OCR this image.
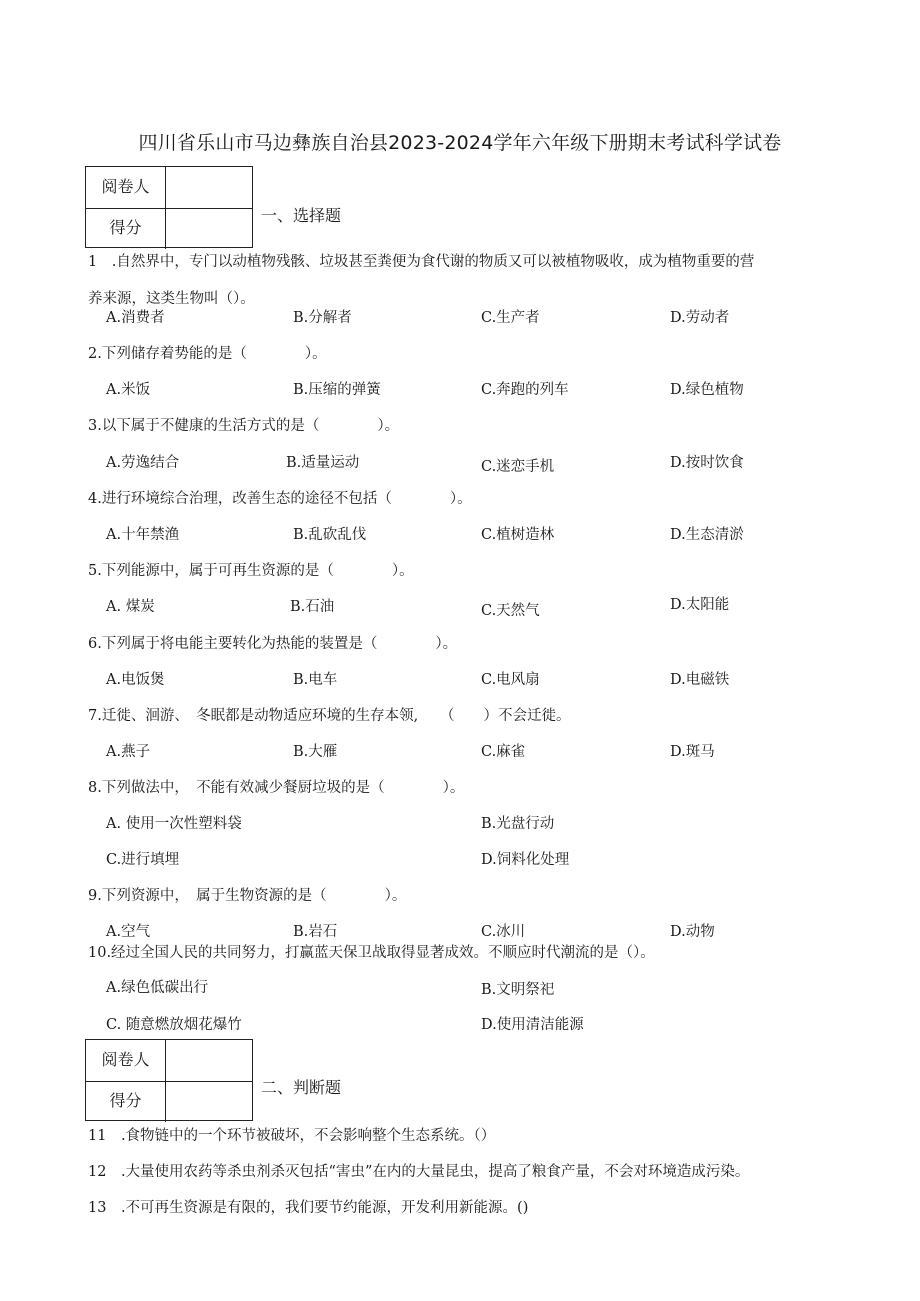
四川省乐山市马边彝族自治县2023-2024学年六年级下册期末考试科学试卷
阅卷人
得分
一、选择题
1　.自然界中，专门以动植物残骸、垃圾甚至粪便为食代谢的物质又可以被植物吸收，成为植物重要的营
养来源，这类生物叫（）。
A.消费者	B.分解者	C.生产者	D.劳动者
2.下列储存着势能的是（　　　　）。
A.米饭	B.压缩的弹簧	C.奔跑的列车	D.绿色植物
3.以下属于不健康的生活方式的是（　　　　）。
A.劳逸结合	B.适量运动	C.迷恋手机	D.按时饮食
4.进行环境综合治理，改善生态的途径不包括（　　　　）。
A.十年禁渔	B.乱砍乱伐	C.植树造林	D.生态清淤
5.下列能源中，属于可再生资源的是（　　　　）。
A. 煤炭	B.石油	C.天然气	D.太阳能
6.下列属于将电能主要转化为热能的装置是（　　　　）。
A.电饭煲	B.电车	C.电风扇	D.电磁铁
7.迁徙、洄游、　冬眠都是动物适应环境的生存本领,　　（　　）不会迁徙。
A.燕子	B.大雁	C.麻雀	D.斑马
8.下列做法中，　不能有效减少餐厨垃圾的是（　　　　）。
A. 使用一次性塑料袋	B.光盘行动
C.进行填埋	D.饲料化处理
9.下列资源中，　属于生物资源的是（　　　　）。
A.空气	B.岩石	C.冰川	D.动物
10.经过全国人民的共同努力，打赢蓝天保卫战取得显著成效。不顺应时代潮流的是（）。
A.绿色低碳出行	B.文明祭祀
C. 随意燃放烟花爆竹	D.使用清洁能源
阅卷人
得分
二、判断题
11　.食物链中的一个环节被破坏，不会影响整个生态系统。（）
12　.大量使用农药等杀虫剂杀灭包括“害虫”在内的大量昆虫，提高了粮食产量，不会对环境造成污染。
13　.不可再生资源是有限的，我们要节约能源，开发利用新能源。()
